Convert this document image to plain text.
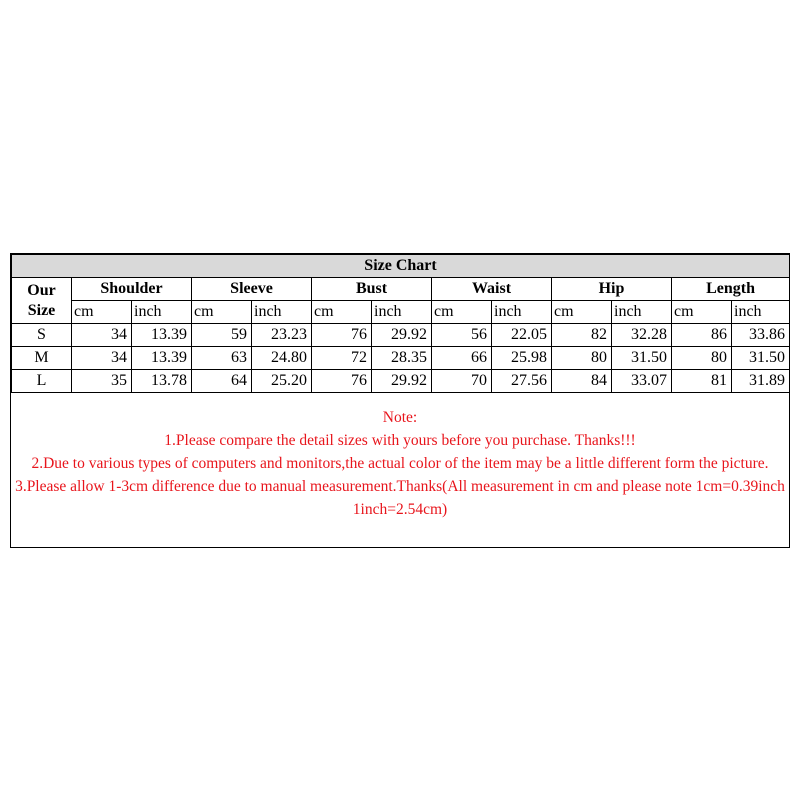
Size Chart												

Our
Size	Shoulder		Sleeve		Bust		Waist		Hip		Length	
	cm	inch	cm	inch	cm	inch	cm	inch	cm	inch	cm	inch
S	34	13.39	59	23.23	76	29.92	56	22.05	82	32.28	86	33.86
M	34	13.39	63	24.80	72	28.35	66	25.98	80	31.50	80	31.50
L	35	13.78	64	25.20	76	29.92	70	27.56	84	33.07	81	31.89
Note:
1.Please compare the detail sizes with yours before you purchase. Thanks!!!
2.Due to various types of computers and monitors,the actual color of the item may be a little different form the picture.
3.Please allow 1-3cm difference due to manual measurement.Thanks(All measurement in cm and please note 1cm=0.39inch 1inch=2.54cm)
